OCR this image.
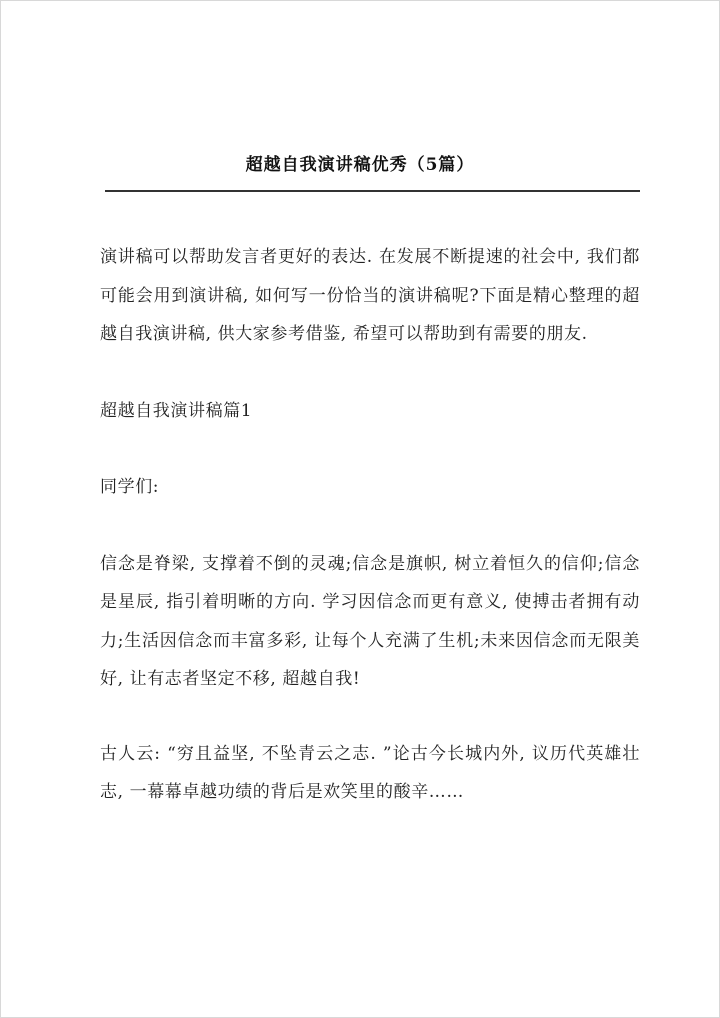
超越自我演讲稿优秀（5篇）

演讲稿可以帮助发言者更好的表达. 在发展不断提速的社会中, 我们都可能会用到演讲稿, 如何写一份恰当的演讲稿呢?下面是精心整理的超越自我演讲稿, 供大家参考借鉴, 希望可以帮助到有需要的朋友.

超越自我演讲稿篇1

同学们:

信念是脊梁, 支撑着不倒的灵魂;信念是旗帜, 树立着恒久的信仰;信念是星辰, 指引着明晰的方向. 学习因信念而更有意义, 使搏击者拥有动力;生活因信念而丰富多彩, 让每个人充满了生机;未来因信念而无限美好, 让有志者坚定不移, 超越自我!

古人云: “穷且益坚, 不坠青云之志. ”论古今长城内外, 议历代英雄壮志, 一幕幕卓越功绩的背后是欢笑里的酸辛……
